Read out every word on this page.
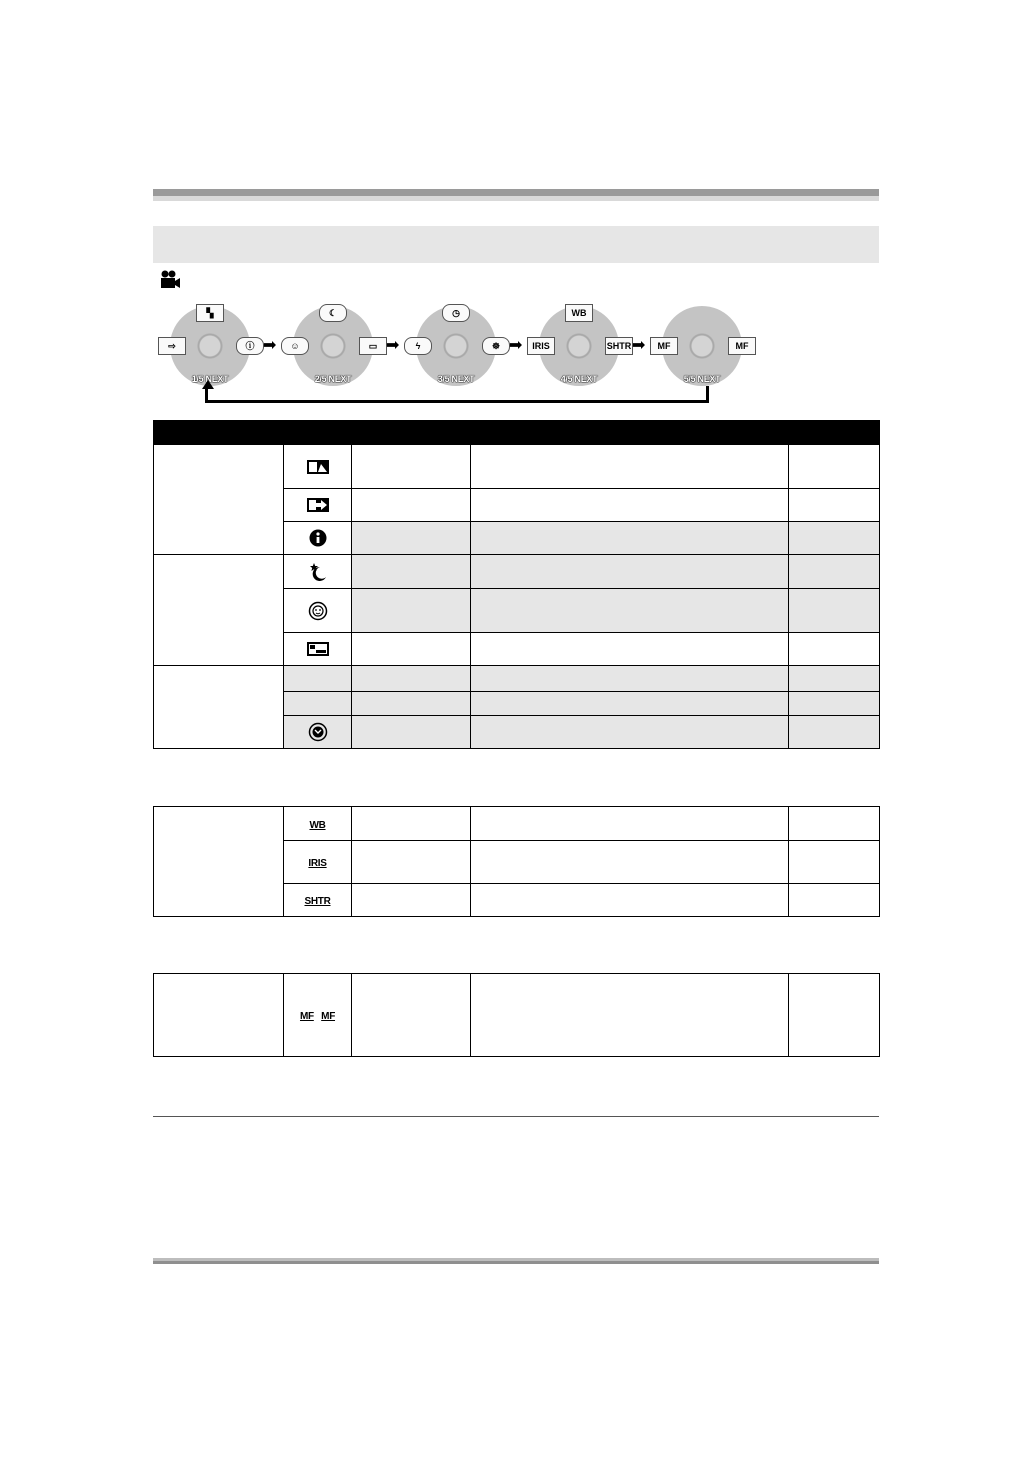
▚
⇨	ⓘ
1/5 NEXT
➡
☾
☺	▭
2/5 NEXT
➡
◷
ϟ	☸
3/5 NEXT
➡
WB
IRIS	SHTR
4/5 NEXT
➡	MF	MF
5/5 NEXT

	WB			
	IRIS			
	SHTR			
	MF MF			
